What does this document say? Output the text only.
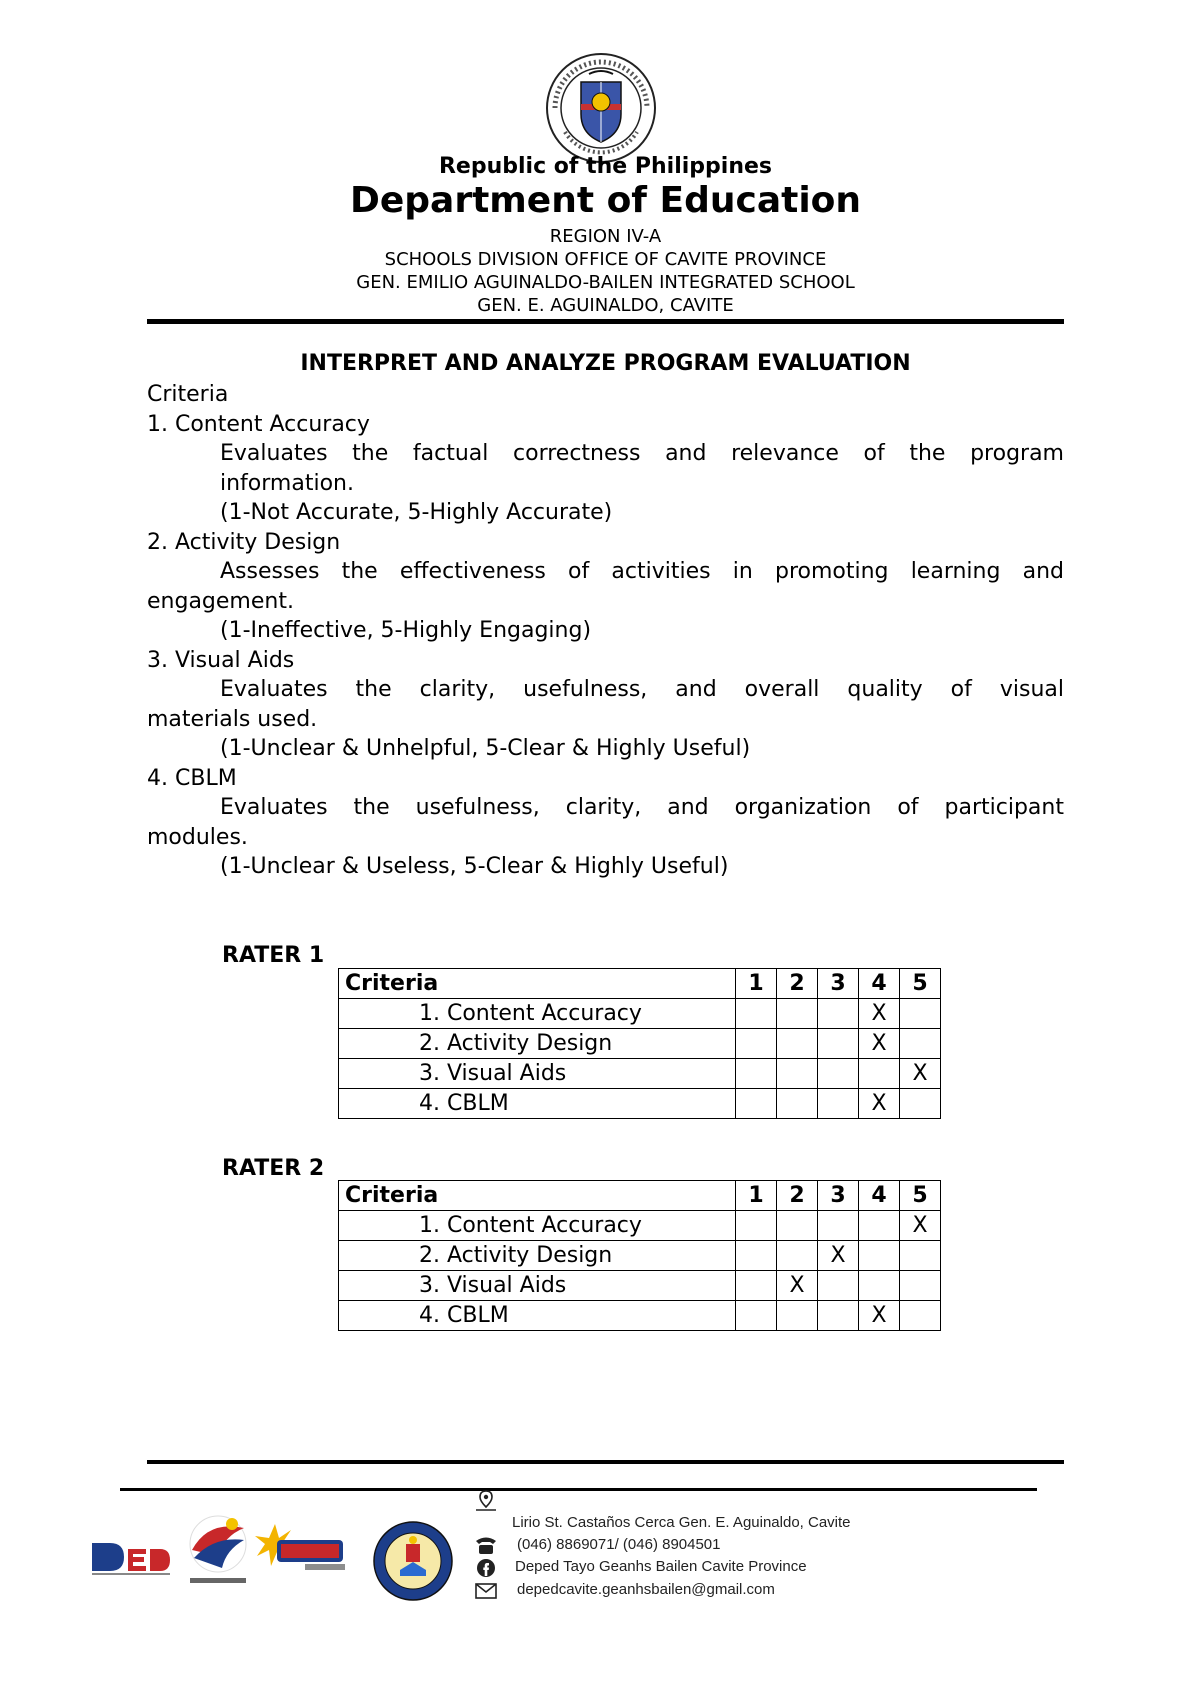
Republic of the Philippines
Department of Education
REGION IV-A
SCHOOLS DIVISION OFFICE OF CAVITE PROVINCE
GEN. EMILIO AGUINALDO-BAILEN INTEGRATED SCHOOL
GEN. E. AGUINALDO, CAVITE
INTERPRET AND ANALYZE PROGRAM EVALUATION

Criteria

1. Content Accuracy

Evaluates the factual correctness and relevance of the program

information.

(1-Not Accurate, 5-Highly Accurate)

2. Activity Design

Assesses the effectiveness of activities in promoting learning and

engagement.

(1-Ineffective, 5-Highly Engaging)

3. Visual Aids

Evaluates the clarity, usefulness, and overall quality of visual

materials used.

(1-Unclear & Unhelpful, 5-Clear & Highly Useful)

4. CBLM

Evaluates the usefulness, clarity, and organization of participant

modules.

(1-Unclear & Useless, 5-Clear & Highly Useful)

RATER 1
Criteria	1	2	3	4	5
1. Content Accuracy				X	
2. Activity Design				X	
3. Visual Aids					X
4. CBLM				X	
RATER 2
Criteria	1	2	3	4	5
1. Content Accuracy					X
2. Activity Design			X		
3. Visual Aids		X			
4. CBLM				X	
Lirio St. Castaños Cerca Gen. E. Aguinaldo, Cavite
(046) 8869071/ (046) 8904501
Deped Tayo Geanhs Bailen Cavite Province
depedcavite.geanhsbailen@gmail.com
